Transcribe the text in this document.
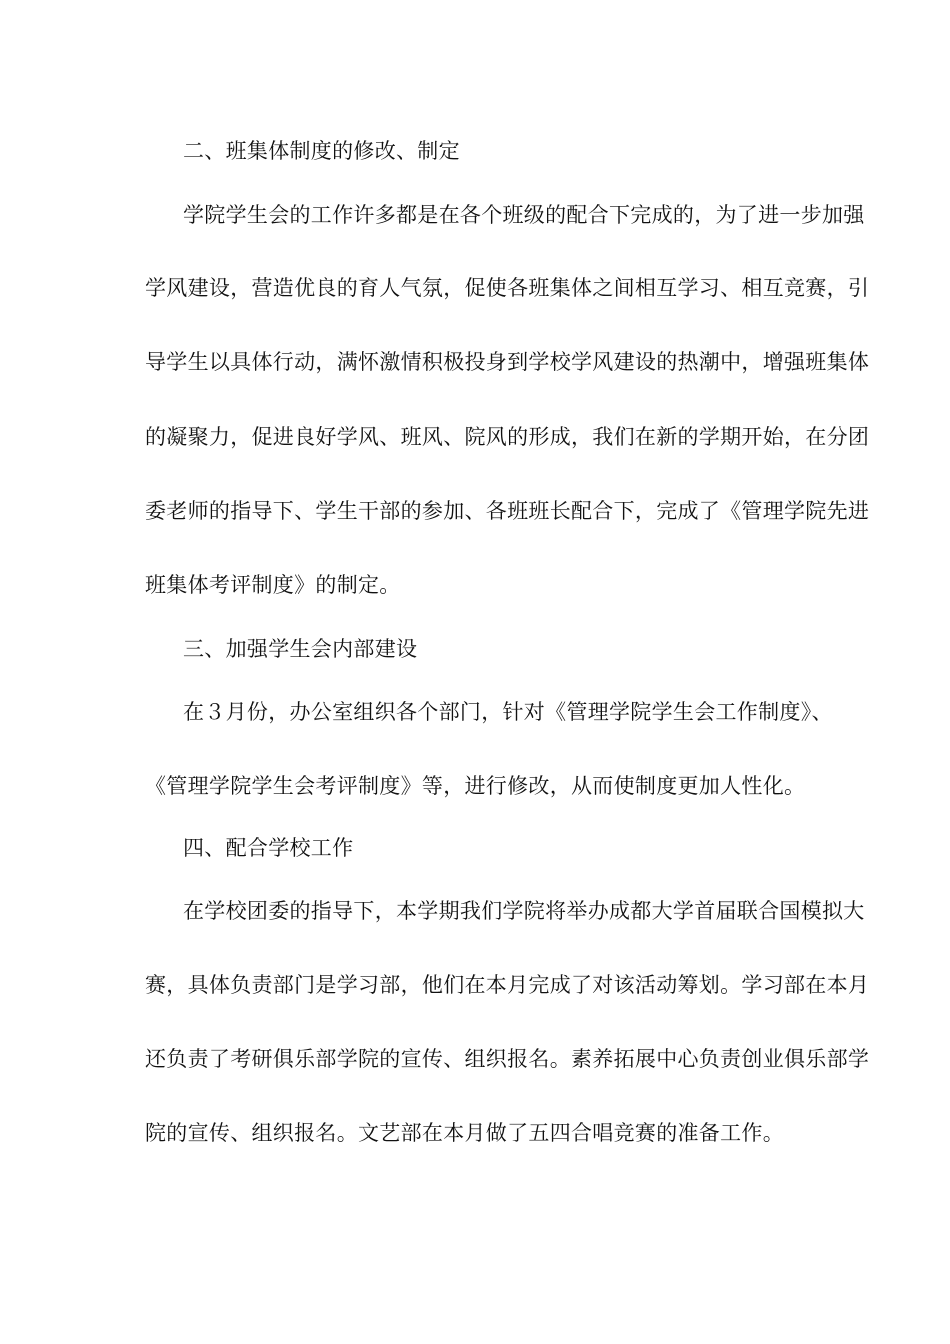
二、班集体制度的修改、制定
学院学生会的工作许多都是在各个班级的配合下完成的，为了进一步加强
学风建设，营造优良的育人气氛，促使各班集体之间相互学习、相互竞赛，引
导学生以具体行动，满怀激情积极投身到学校学风建设的热潮中，增强班集体
的凝聚力，促进良好学风、班风、院风的形成，我们在新的学期开始，在分团
委老师的指导下、学生干部的参加、各班班长配合下，完成了《管理学院先进
班集体考评制度》的制定。
三、加强学生会内部建设
在３月份，办公室组织各个部门，针对《管理学院学生会工作制度》、
《管理学院学生会考评制度》等，进行修改，从而使制度更加人性化。
四、配合学校工作
在学校团委的指导下，本学期我们学院将举办成都大学首届联合国模拟大
赛，具体负责部门是学习部，他们在本月完成了对该活动筹划。学习部在本月
还负责了考研俱乐部学院的宣传、组织报名。素养拓展中心负责创业俱乐部学
院的宣传、组织报名。文艺部在本月做了五四合唱竞赛的准备工作。
